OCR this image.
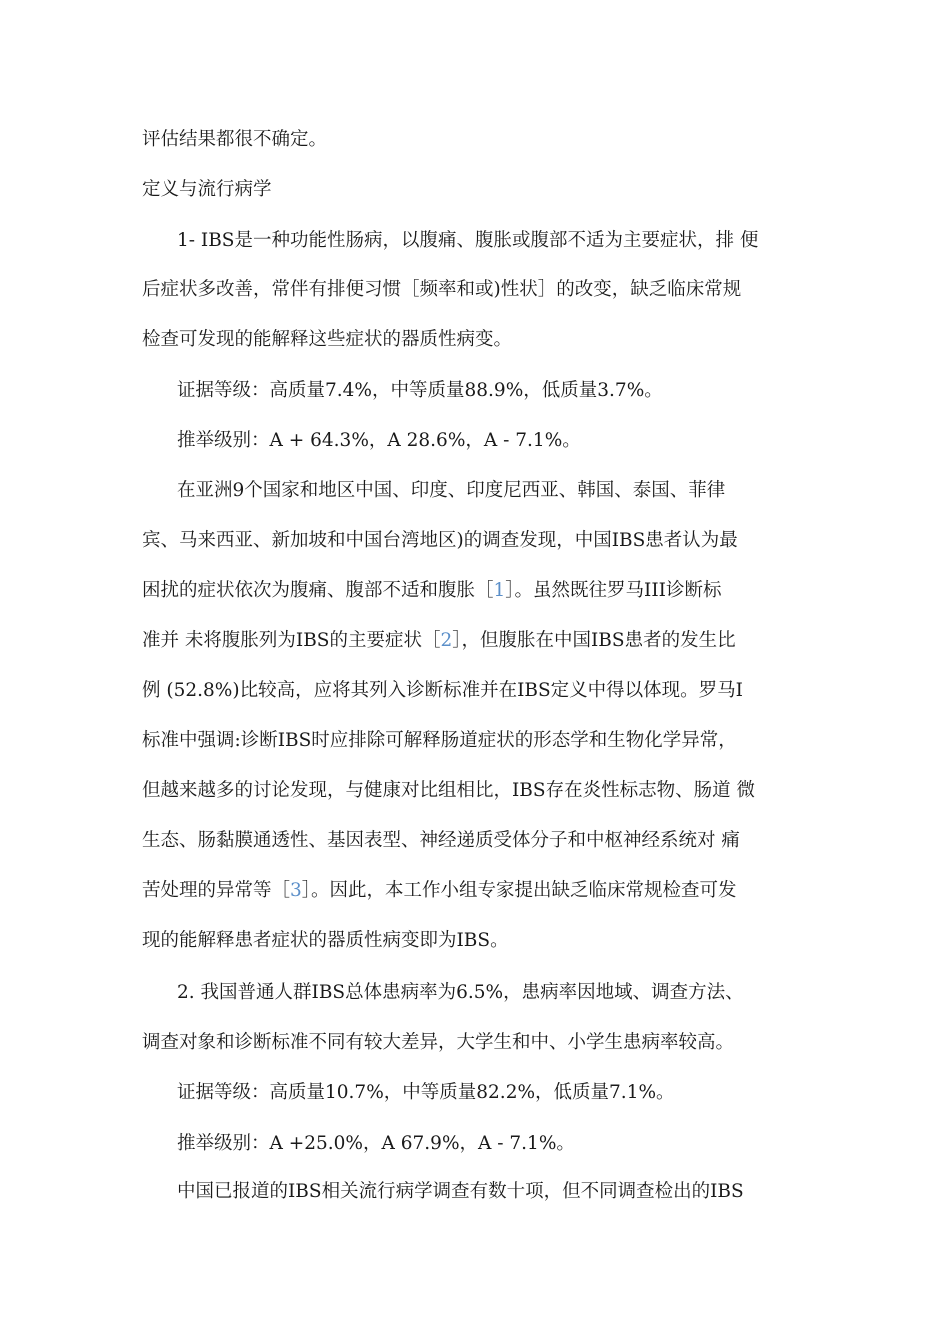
评估结果都很不确定。
定义与流行病学
1- IBS是一种功能性肠病，以腹痛、腹胀或腹部不适为主要症状，排 便
后症状多改善，常伴有排便习惯［频率和或)性状］的改变，缺乏临床常规
检查可发现的能解释这些症状的器质性病变。
证据等级：高质量7.4%，中等质量88.9%，低质量3.7%。
推举级别：A + 64.3%，A 28.6%，A - 7.1%。
在亚洲9个国家和地区中国、印度、印度尼西亚、韩国、泰国、菲律
宾、马来西亚、新加坡和中国台湾地区)的调查发现，中国IBS患者认为最
困扰的症状依次为腹痛、腹部不适和腹胀［1］。虽然既往罗马III诊断标
准并 未将腹胀列为IBS的主要症状［2］，但腹胀在中国IBS患者的发生比
例 (52.8%)比较高，应将其列入诊断标准并在IBS定义中得以体现。罗马I
标准中强调:诊断IBS时应排除可解释肠道症状的形态学和生物化学异常，
但越来越多的讨论发现，与健康对比组相比，IBS存在炎性标志物、肠道 微
生态、肠黏膜通透性、基因表型、神经递质受体分子和中枢神经系统对 痛
苦处理的异常等［3］。因此，本工作小组专家提出缺乏临床常规检查可发
现的能解释患者症状的器质性病变即为IBS。
2. 我国普通人群IBS总体患病率为6.5%，患病率因地域、调查方法、
调查对象和诊断标准不同有较大差异，大学生和中、小学生患病率较高。
证据等级：高质量10.7%，中等质量82.2%，低质量7.1%。
推举级别：A +25.0%，A 67.9%，A - 7.1%。
中国已报道的IBS相关流行病学调查有数十项，但不同调查检出的IBS
